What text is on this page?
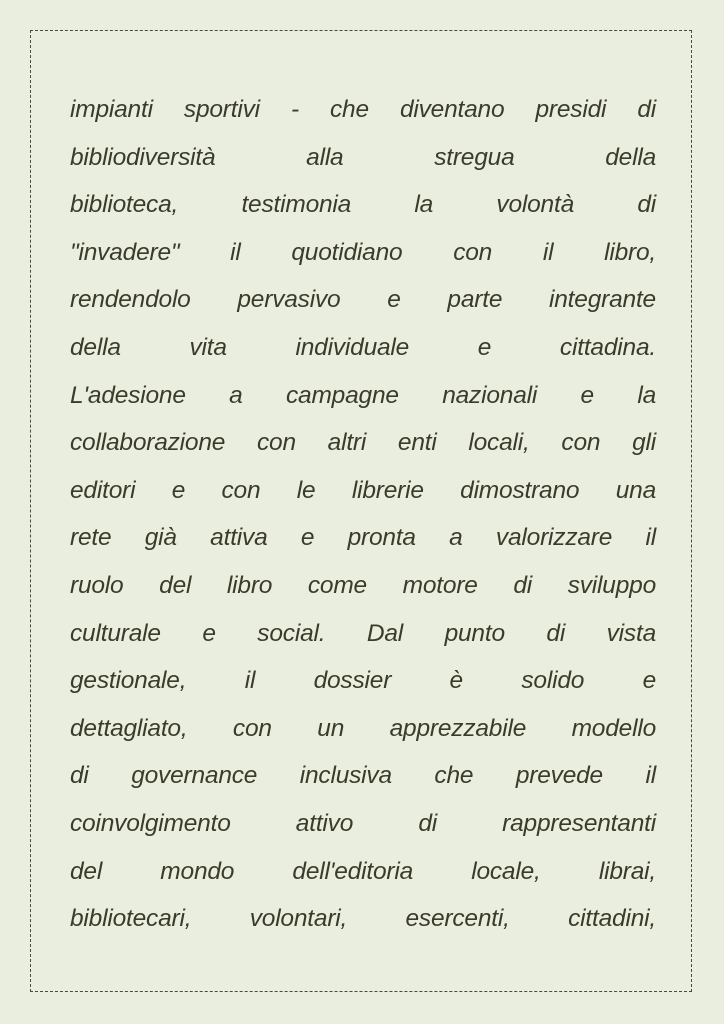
impianti sportivi - che diventano presidi di
bibliodiversità alla stregua della
biblioteca, testimonia la volontà di
"invadere" il quotidiano con il libro,
rendendolo pervasivo e parte integrante
della vita individuale e cittadina.
L'adesione a campagne nazionali e la
collaborazione con altri enti locali, con gli
editori e con le librerie dimostrano una
rete già attiva e pronta a valorizzare il
ruolo del libro come motore di sviluppo
culturale e social. Dal punto di vista
gestionale, il dossier è solido e
dettagliato, con un apprezzabile modello
di governance inclusiva che prevede il
coinvolgimento attivo di rappresentanti
del mondo dell'editoria locale, librai,
bibliotecari, volontari, esercenti, cittadini,
